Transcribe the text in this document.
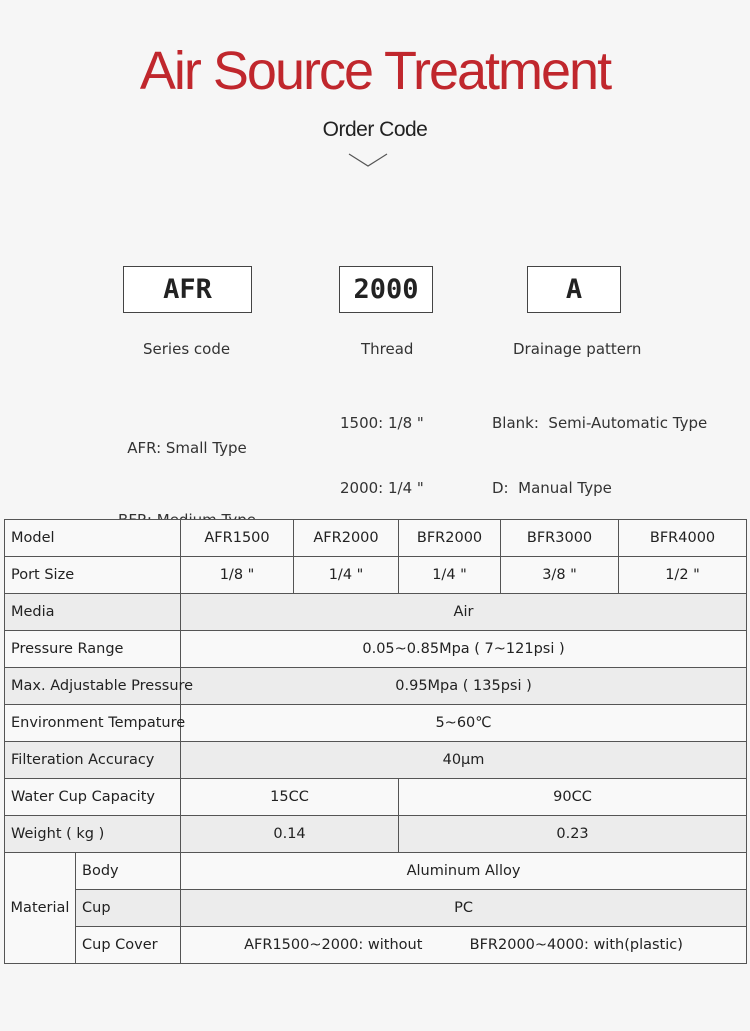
Air Source Treatment
Order Code
AFR	2000	A
Series code	Thread	Drainage pattern

AFR: Small Type

1500: 1/8 "

2000: 1/4 "

Blank:  Semi-Automatic Type

D:  Manual Type

Model		AFR1500	AFR2000	BFR2000	BFR3000	BFR4000
Port Size		1/8 "	1/4 "	1/4 "	3/8 "	1/2 "
Media		Air				
Pressure Range		0.05~0.85Mpa ( 7~121psi )				
Max. Adjustable Pressure		0.95Mpa ( 135psi )				
Environment Tempature		5~60℃				
Filteration Accuracy		40μm				
Water Cup Capacity		15CC		90CC		
Weight ( kg )		0.14		0.23		
Material	Body	Aluminum Alloy				
	Cup	PC				
	Cup Cover	AFR1500~2000: without BFR2000~4000: with(plastic)				
